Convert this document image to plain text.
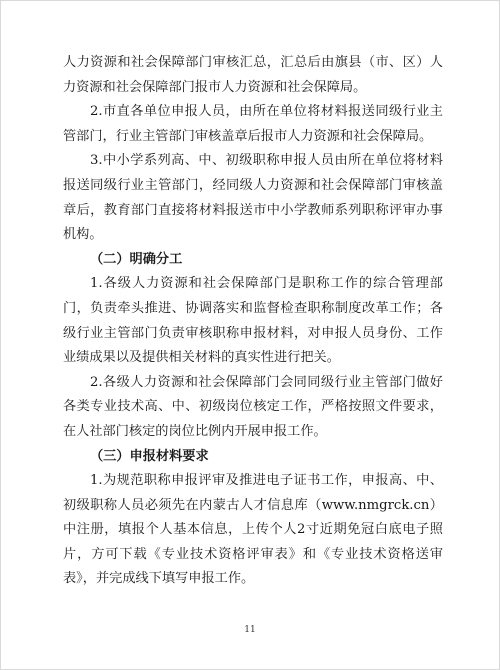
人力资源和社会保障部门审核汇总，汇总后由旗县（市、区）人力资源和社会保障部门报市人力资源和社会保障局。

2.市直各单位申报人员，由所在单位将材料报送同级行业主管部门，行业主管部门审核盖章后报市人力资源和社会保障局。

3.中小学系列高、中、初级职称申报人员由所在单位将材料报送同级行业主管部门，经同级人力资源和社会保障部门审核盖章后，教育部门直接将材料报送市中小学教师系列职称评审办事机构。

（二）明确分工

1.各级人力资源和社会保障部门是职称工作的综合管理部门，负责牵头推进、协调落实和监督检查职称制度改革工作；各级行业主管部门负责审核职称申报材料，对申报人员身份、工作业绩成果以及提供相关材料的真实性进行把关。

2.各级人力资源和社会保障部门会同同级行业主管部门做好各类专业技术高、中、初级岗位核定工作，严格按照文件要求，在人社部门核定的岗位比例内开展申报工作。

（三）申报材料要求

1.为规范职称申报评审及推进电子证书工作，申报高、中、初级职称人员必须先在内蒙古人才信息库（www.nmgrck.cn）中注册，填报个人基本信息，上传个人2寸近期免冠白底电子照片，方可下载《专业技术资格评审表》和《专业技术资格送审表》，并完成线下填写申报工作。

11
